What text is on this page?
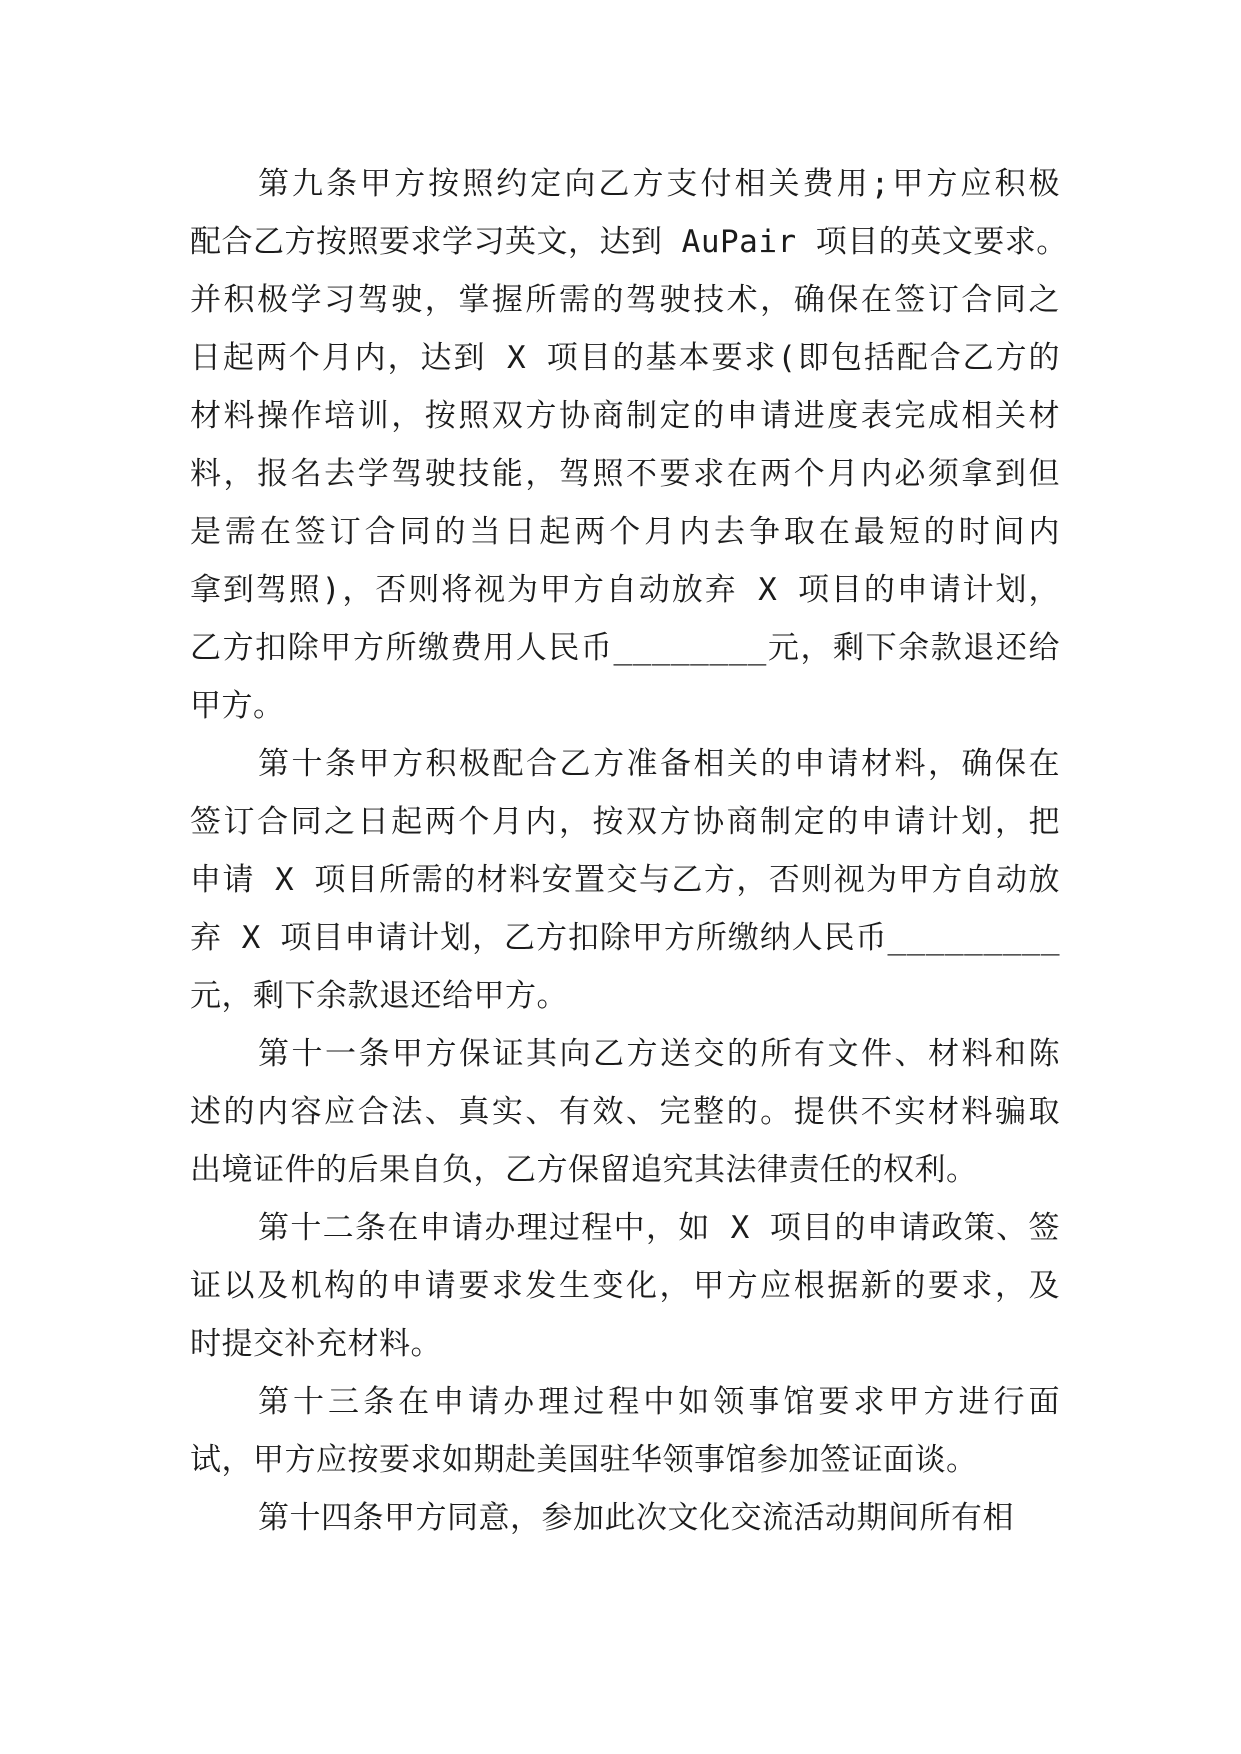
第九条甲方按照约定向乙方支付相关费用;甲方应积极
配合乙方按照要求学习英文，达到 AuPair 项目的英文要求。
并积极学习驾驶，掌握所需的驾驶技术，确保在签订合同之
日起两个月内，达到 X 项目的基本要求(即包括配合乙方的
材料操作培训，按照双方协商制定的申请进度表完成相关材
料，报名去学驾驶技能，驾照不要求在两个月内必须拿到但
是需在签订合同的当日起两个月内去争取在最短的时间内
拿到驾照)，否则将视为甲方自动放弃 X 项目的申请计划，
乙方扣除甲方所缴费用人民币________元，剩下余款退还给
甲方。
第十条甲方积极配合乙方准备相关的申请材料，确保在
签订合同之日起两个月内，按双方协商制定的申请计划，把
申请 X 项目所需的材料安置交与乙方，否则视为甲方自动放
弃 X 项目申请计划，乙方扣除甲方所缴纳人民币_________
元，剩下余款退还给甲方。
第十一条甲方保证其向乙方送交的所有文件、材料和陈
述的内容应合法、真实、有效、完整的。提供不实材料骗取
出境证件的后果自负，乙方保留追究其法律责任的权利。
第十二条在申请办理过程中，如 X 项目的申请政策、签
证以及机构的申请要求发生变化，甲方应根据新的要求，及
时提交补充材料。
第十三条在申请办理过程中如领事馆要求甲方进行面
试，甲方应按要求如期赴美国驻华领事馆参加签证面谈。
第十四条甲方同意，参加此次文化交流活动期间所有相
